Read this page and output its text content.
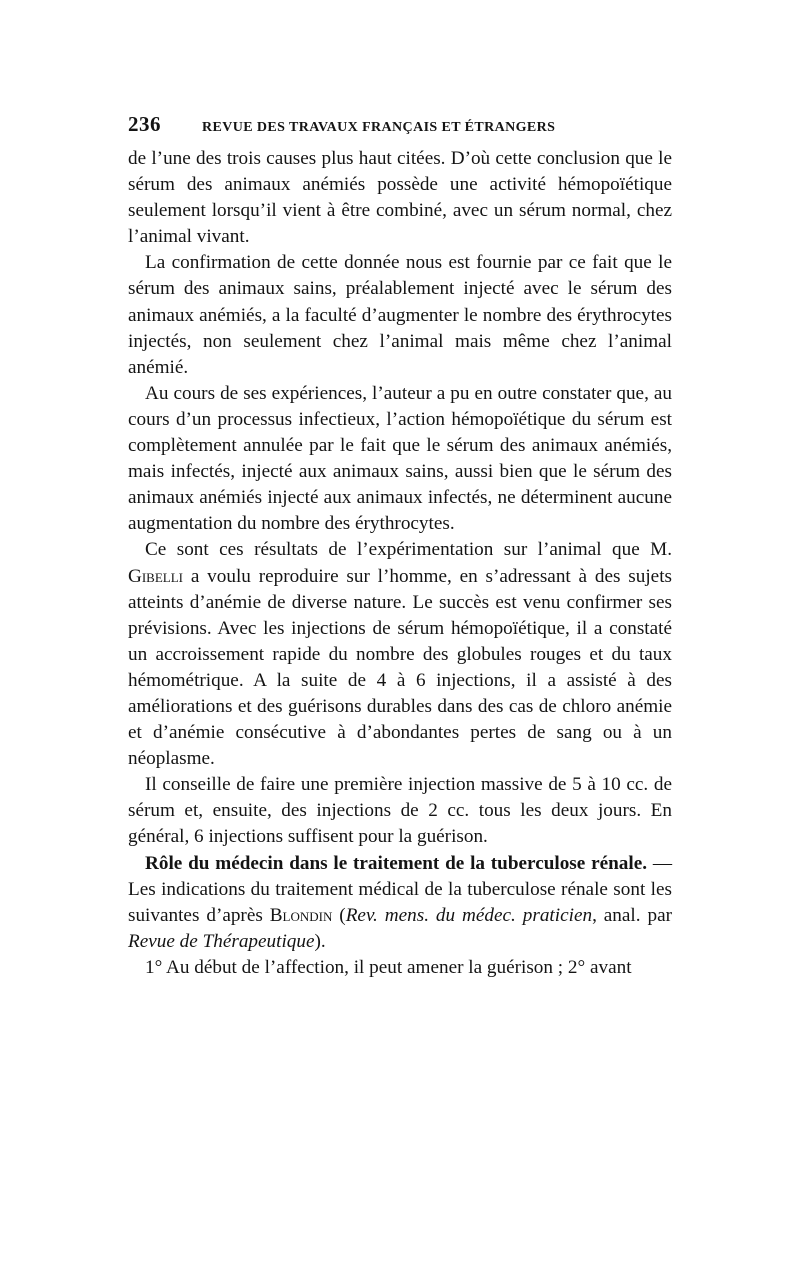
236	REVUE DES TRAVAUX FRANÇAIS ET ÉTRANGERS

de l’une des trois causes plus haut citées. D’où cette conclusion que le sérum des animaux anémiés possède une activité hémopoïétique seulement lorsqu’il vient à être combiné, avec un sérum normal, chez l’animal vivant.

La confirmation de cette donnée nous est fournie par ce fait que le sérum des animaux sains, préalablement injecté avec le sérum des animaux anémiés, a la faculté d’augmenter le nombre des érythrocytes injectés, non seulement chez l’animal mais même chez l’animal anémié.

Au cours de ses expériences, l’auteur a pu en outre constater que, au cours d’un processus infectieux, l’action hémopoïétique du sérum est complètement annulée par le fait que le sérum des animaux anémiés, mais infectés, injecté aux animaux sains, aussi bien que le sérum des animaux anémiés injecté aux animaux infectés, ne déterminent aucune augmentation du nombre des érythrocytes.

Ce sont ces résultats de l’expérimentation sur l’animal que M. Gibelli a voulu reproduire sur l’homme, en s’adressant à des sujets atteints d’anémie de diverse nature. Le succès est venu confirmer ses prévisions. Avec les injections de sérum hémopoïétique, il a constaté un accroissement rapide du nombre des globules rouges et du taux hémométrique. A la suite de 4 à 6 injections, il a assisté à des améliorations et des guérisons durables dans des cas de chloro anémie et d’anémie consécutive à d’abondantes pertes de sang ou à un néoplasme.

Il conseille de faire une première injection massive de 5 à 10 cc. de sérum et, ensuite, des injections de 2 cc. tous les deux jours. En général, 6 injections suffisent pour la guérison.

Rôle du médecin dans le traitement de la tuberculose rénale. — Les indications du traitement médical de la tuberculose rénale sont les suivantes d’après Blondin (Rev. mens. du médec. praticien, anal. par Revue de Thérapeutique).

1° Au début de l’affection, il peut amener la guérison ; 2° avant
